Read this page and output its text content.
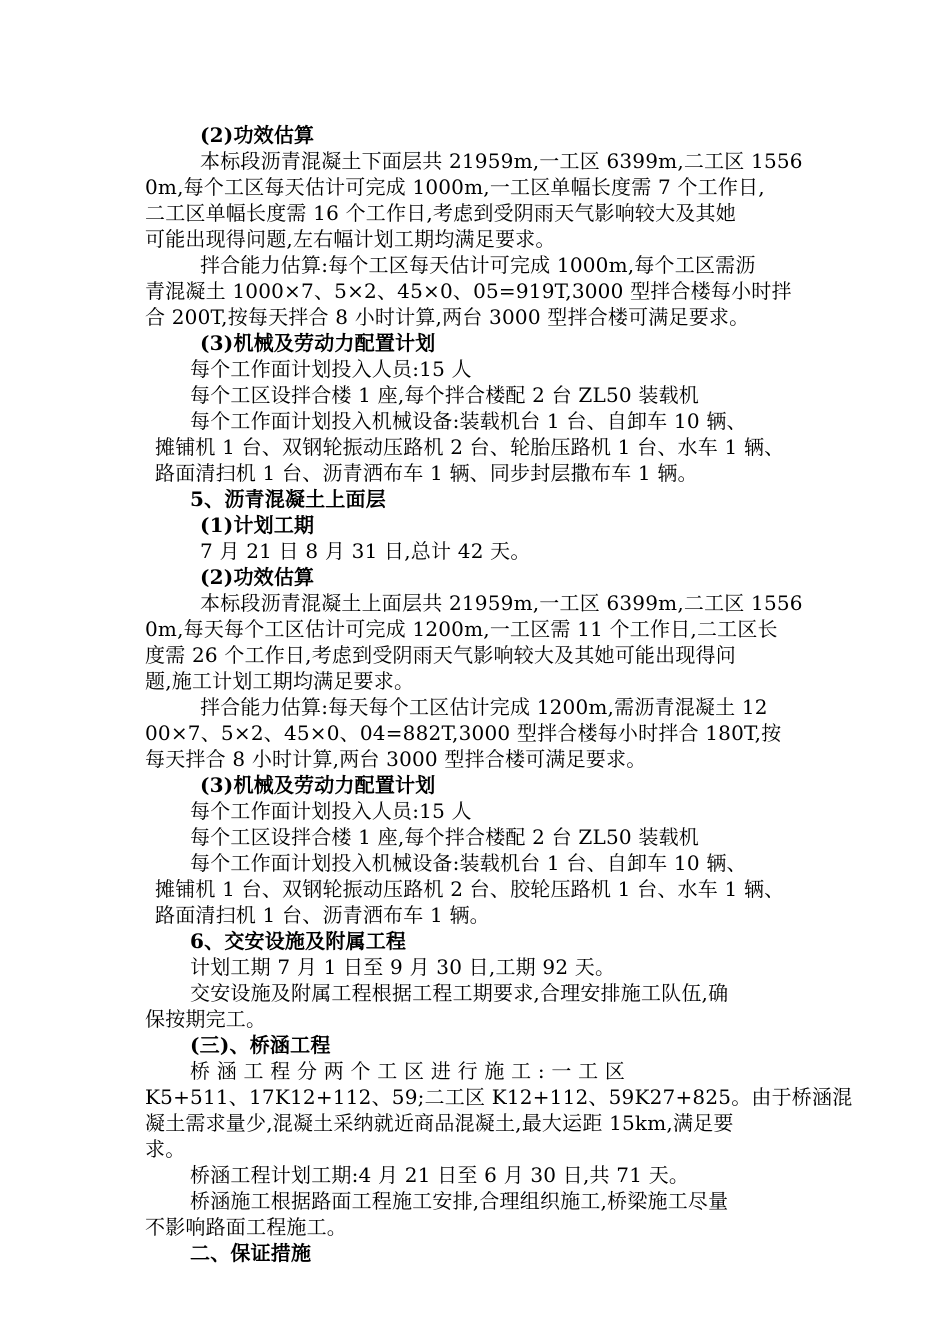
(2)功效估算
本标段沥青混凝土下面层共 21959m,一工区 6399m,二工区 1556
0m,每个工区每天估计可完成 1000m,一工区单幅长度需 7 个工作日,
二工区单幅长度需 16 个工作日,考虑到受阴雨天气影响较大及其她
可能出现得问题,左右幅计划工期均满足要求。
拌合能力估算:每个工区每天估计可完成 1000m,每个工区需沥
青混凝土 1000×7、5×2、45×0、05=919T,3000 型拌合楼每小时拌
合 200T,按每天拌合 8 小时计算,两台 3000 型拌合楼可满足要求。
(3)机械及劳动力配置计划
每个工作面计划投入人员:15 人
每个工区设拌合楼 1 座,每个拌合楼配 2 台 ZL50 装载机
每个工作面计划投入机械设备:装载机台 1 台、自卸车 10 辆、
摊铺机 1 台、双钢轮振动压路机 2 台、轮胎压路机 1 台、水车 1 辆、
路面清扫机 1 台、沥青洒布车 1 辆、同步封层撒布车 1 辆。
5、沥青混凝土上面层
(1)计划工期
7 月 21 日 8 月 31 日,总计 42 天。
(2)功效估算
本标段沥青混凝土上面层共 21959m,一工区 6399m,二工区 1556
0m,每天每个工区估计可完成 1200m,一工区需 11 个工作日,二工区长
度需 26 个工作日,考虑到受阴雨天气影响较大及其她可能出现得问
题,施工计划工期均满足要求。
拌合能力估算:每天每个工区估计完成 1200m,需沥青混凝土 12
00×7、5×2、45×0、04=882T,3000 型拌合楼每小时拌合 180T,按
每天拌合 8 小时计算,两台 3000 型拌合楼可满足要求。
(3)机械及劳动力配置计划
每个工作面计划投入人员:15 人
每个工区设拌合楼 1 座,每个拌合楼配 2 台 ZL50 装载机
每个工作面计划投入机械设备:装载机台 1 台、自卸车 10 辆、
摊铺机 1 台、双钢轮振动压路机 2 台、胶轮压路机 1 台、水车 1 辆、
路面清扫机 1 台、沥青洒布车 1 辆。
6、交安设施及附属工程
计划工期 7 月 1 日至 9 月 30 日,工期 92 天。
交安设施及附属工程根据工程工期要求,合理安排施工队伍,确
保按期完工。
(三)、桥涵工程
桥 涵 工 程 分 两 个 工 区 进 行 施 工 : 一 工 区
K5+511、17K12+112、59;二工区 K12+112、59K27+825。由于桥涵混
凝土需求量少,混凝土采纳就近商品混凝土,最大运距 15km,满足要
求。
桥涵工程计划工期:4 月 21 日至 6 月 30 日,共 71 天。
桥涵施工根据路面工程施工安排,合理组织施工,桥梁施工尽量
不影响路面工程施工。
二、保证措施
